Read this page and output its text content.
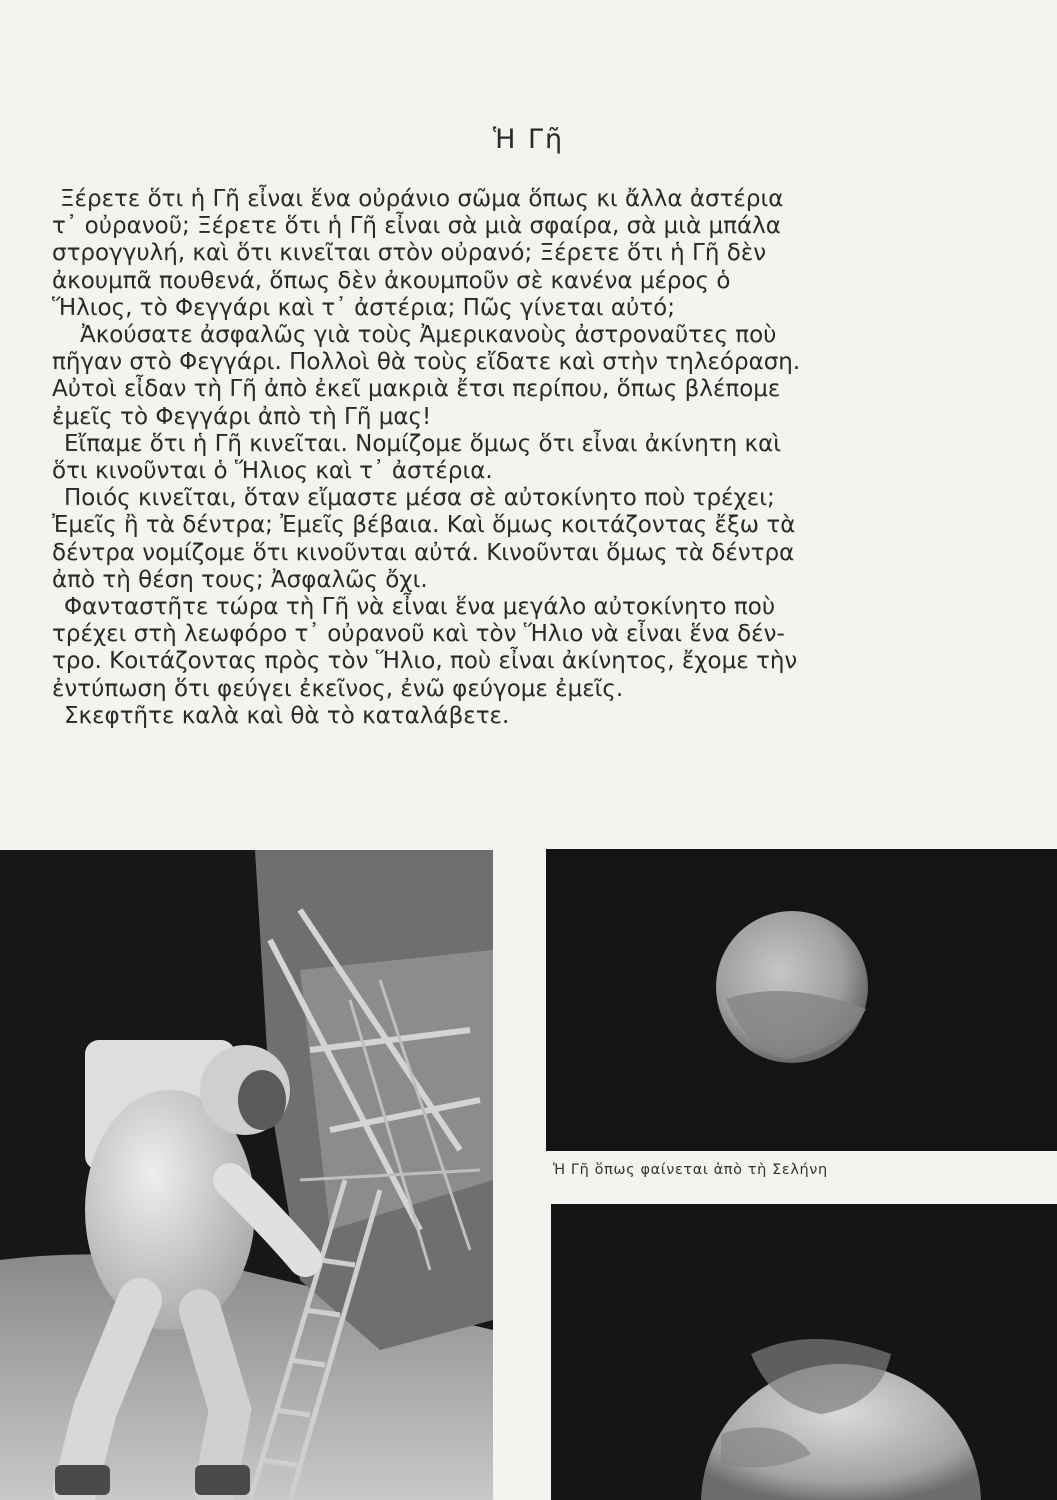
Ἡ Γῆ
Ξέρετε ὅτι ἡ Γῆ εἶναι ἕνα οὐράνιο σῶμα ὅπως κι ἄλλα ἀστέρια
τ᾿ οὐρανοῦ; Ξέρετε ὅτι ἡ Γῆ εἶναι σὰ μιὰ σφαίρα, σὰ μιὰ μπάλα
στρογγυλή, καὶ ὅτι κινεῖται στὸν οὐρανό; Ξέρετε ὅτι ἡ Γῆ δὲν
ἀκουμπᾶ πουθενά, ὅπως δὲν ἀκουμποῦν σὲ κανένα μέρος ὁ
Ἥλιος, τὸ Φεγγάρι καὶ τ᾿ ἀστέρια; Πῶς γίνεται αὐτό;
Ἀκούσατε ἀσφαλῶς γιὰ τοὺς Ἀμερικανοὺς ἀστροναῦτες ποὺ
πῆγαν στὸ Φεγγάρι. Πολλοὶ θὰ τοὺς εἴδατε καὶ στὴν τηλεόραση.
Αὐτοὶ εἶδαν τὴ Γῆ ἀπὸ ἐκεῖ μακριὰ ἔτσι περίπου, ὅπως βλέπομε
ἐμεῖς τὸ Φεγγάρι ἀπὸ τὴ Γῆ μας!
Εἴπαμε ὅτι ἡ Γῆ κινεῖται. Νομίζομε ὅμως ὅτι εἶναι ἀκίνητη καὶ
ὅτι κινοῦνται ὁ Ἥλιος καὶ τ᾿ ἀστέρια.
Ποιός κινεῖται, ὅταν εἴμαστε μέσα σὲ αὐτοκίνητο ποὺ τρέχει;
Ἐμεῖς ἢ τὰ δέντρα; Ἐμεῖς βέβαια. Καὶ ὅμως κοιτάζοντας ἔξω τὰ
δέντρα νομίζομε ὅτι κινοῦνται αὐτά. Κινοῦνται ὅμως τὰ δέντρα
ἀπὸ τὴ θέση τους; Ἀσφαλῶς ὄχι.
Φανταστῆτε τώρα τὴ Γῆ νὰ εἶναι ἕνα μεγάλο αὐτοκίνητο ποὺ
τρέχει στὴ λεωφόρο τ᾿ οὐρανοῦ καὶ τὸν Ἥλιο νὰ εἶναι ἕνα δέν-
τρο. Κοιτάζοντας πρὸς τὸν Ἥλιο, ποὺ εἶναι ἀκίνητος, ἔχομε τὴν
ἐντύπωση ὅτι φεύγει ἐκεῖνος, ἐνῶ φεύγομε ἐμεῖς.
Σκεφτῆτε καλὰ καὶ θὰ τὸ καταλάβετε.
Ἡ Γῆ ὅπως φαίνεται ἀπὸ τὴ Σελήνη
